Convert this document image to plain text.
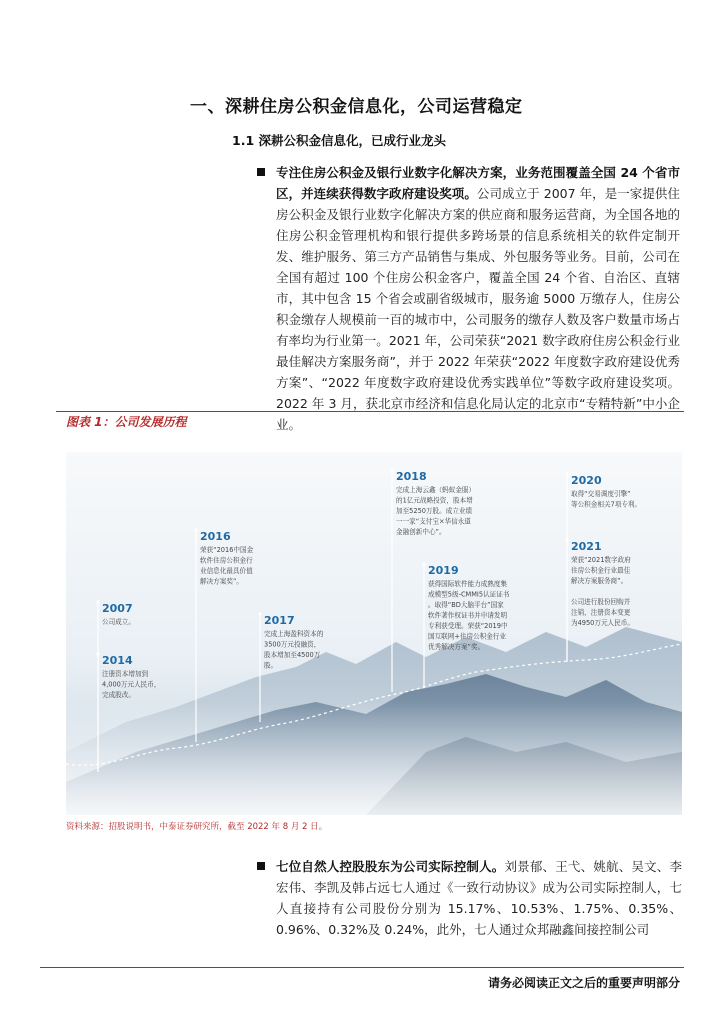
一、深耕住房公积金信息化，公司运营稳定
1.1 深耕公积金信息化，已成行业龙头
专注住房公积金及银行业数字化解决方案，业务范围覆盖全国 24 个省市区，并连续获得数字政府建设奖项。公司成立于 2007 年，是一家提供住房公积金及银行业数字化解决方案的供应商和服务运营商，为全国各地的住房公积金管理机构和银行提供多跨场景的信息系统相关的软件定制开发、维护服务、第三方产品销售与集成、外包服务等业务。目前，公司在全国有超过 100 个住房公积金客户，覆盖全国 24 个省、自治区、直辖市，其中包含 15 个省会或副省级城市，服务逾 5000 万缴存人，住房公积金缴存人规模前一百的城市中，公司服务的缴存人数及客户数量市场占有率均为行业第一。2021 年，公司荣获“2021 数字政府住房公积金行业最佳解决方案服务商”，并于 2022 年荣获“2022 年度数字政府建设优秀方案”、“2022 年度数字政府建设优秀实践单位”等数字政府建设奖项。2022 年 3 月，获北京市经济和信息化局认定的北京市“专精特新”中小企业。
图表 1：公司发展历程
2007
公司成立。
2014
注册资本增加到
4,000万元人民币，
完成股改。
2016
荣获“2016中国金
软件住房公积金行
业信息化最具价值
解决方案奖”。
2017
完成上海盈科资本的
3500万元投融资，
股本增加至4500万
股。
2018
完成上海云鑫（蚂蚁金服）
的1亿元战略投资，股本增
加至5250万股。成立业绩
一一家“支付宝×华信永道
金融创新中心”。
2019
获得国际软件能力成熟度集
成模型5级-CMMI5认证证书
。取得“BD大脑平台”国家
软件著作权证书并申请发明
专利获受理。荣获“2019中
国互联网+住房公积金行业
优秀解决方案”奖。
2020
取得“交易调度引擎”
等公积金相关7项专利。
2021
荣获“2021数字政府
住房公积金行业最佳
解决方案服务商”。
公司进行股份回购并
注销，注册资本变更
为4950万元人民币。
资料来源：招股说明书，中泰证券研究所，截至 2022 年 8 月 2 日。
七位自然人控股股东为公司实际控制人。刘景郁、王弋、姚航、吴文、李宏伟、李凯及韩占远七人通过《一致行动协议》成为公司实际控制人，七人直接持有公司股份分别为 15.17%、10.53%、1.75%、0.35%、0.96%、0.32%及 0.24%，此外，七人通过众邦融鑫间接控制公司
请务必阅读正文之后的重要声明部分
